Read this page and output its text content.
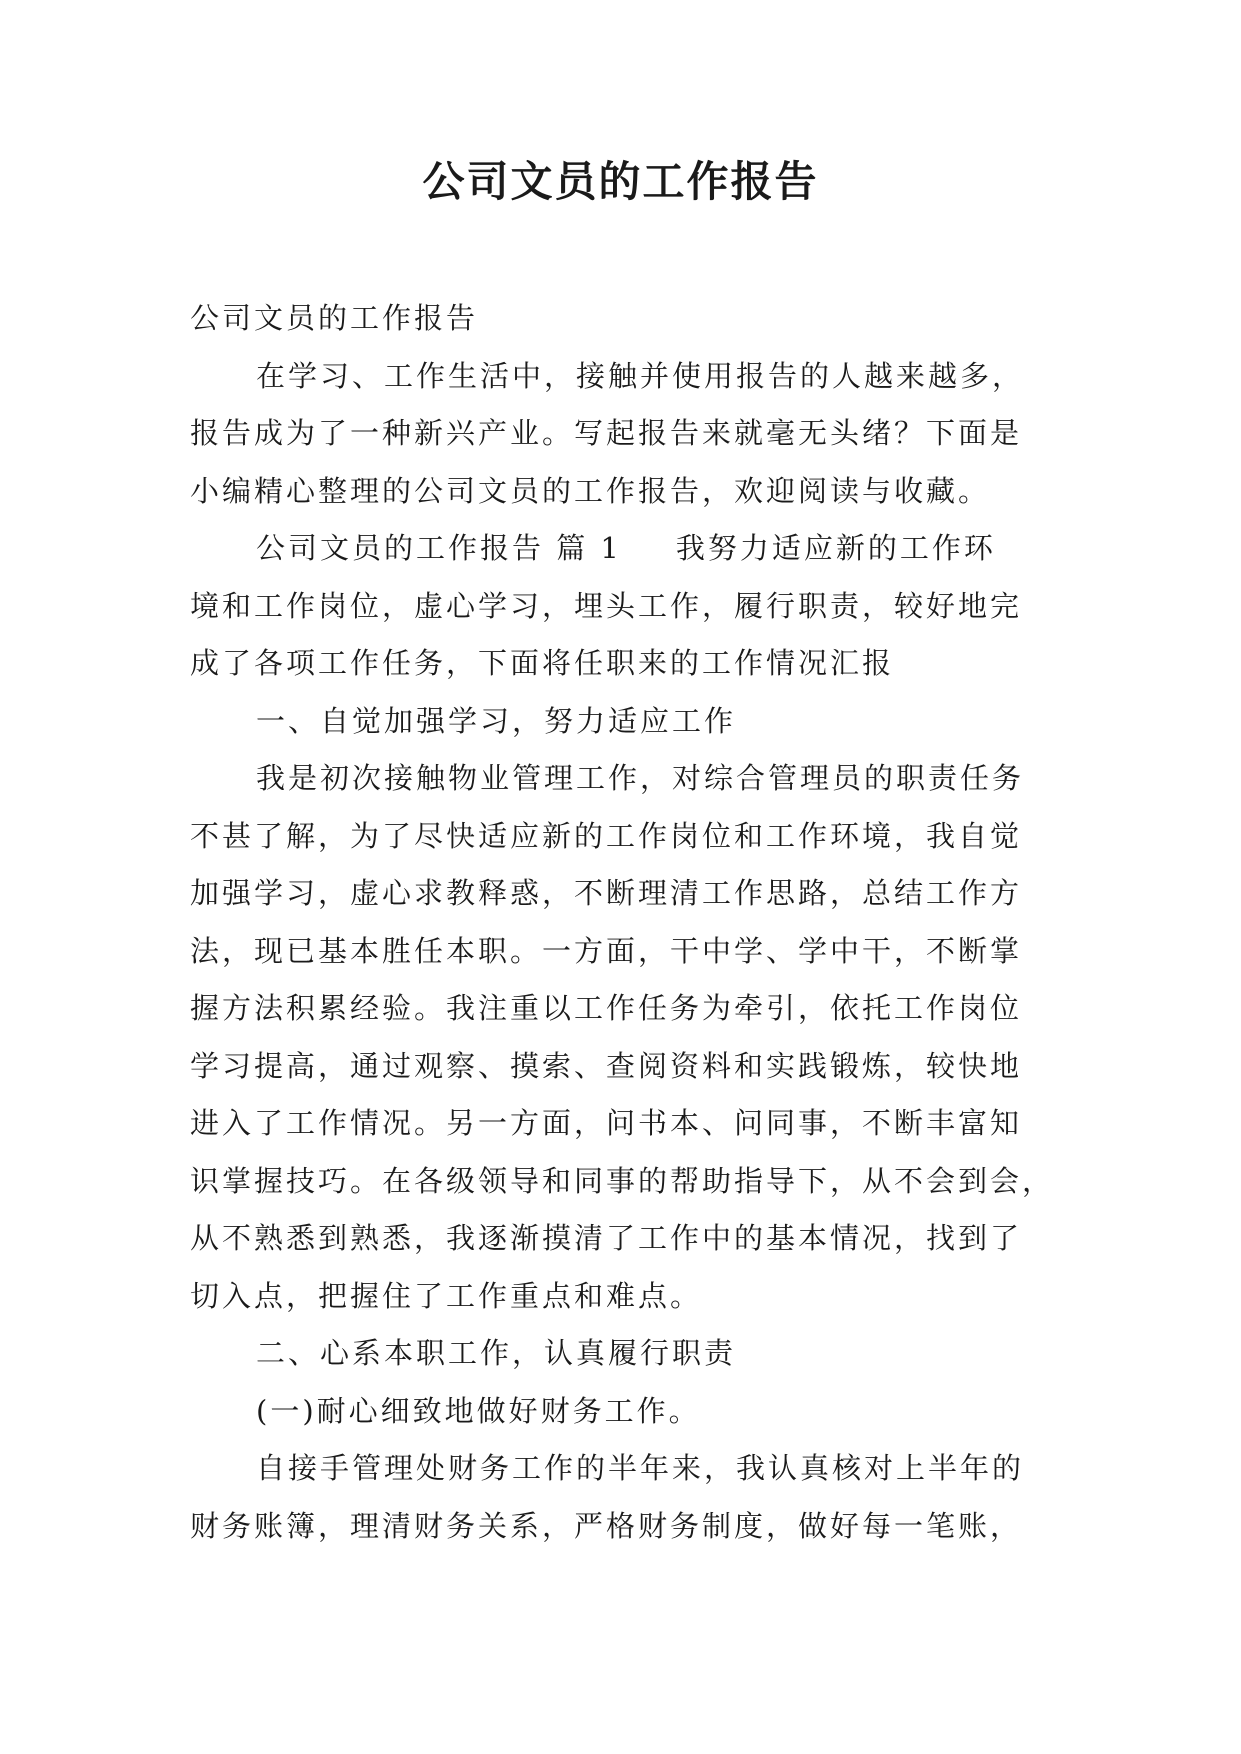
公司文员的工作报告
公司文员的工作报告
在学习、工作生活中，接触并使用报告的人越来越多，
报告成为了一种新兴产业。写起报告来就毫无头绪？下面是
小编精心整理的公司文员的工作报告，欢迎阅读与收藏。
公司文员的工作报告 篇 1 我努力适应新的工作环
境和工作岗位，虚心学习，埋头工作，履行职责，较好地完
成了各项工作任务，下面将任职来的工作情况汇报
一、自觉加强学习，努力适应工作
我是初次接触物业管理工作，对综合管理员的职责任务
不甚了解，为了尽快适应新的工作岗位和工作环境，我自觉
加强学习，虚心求教释惑，不断理清工作思路，总结工作方
法，现已基本胜任本职。一方面，干中学、学中干，不断掌
握方法积累经验。我注重以工作任务为牵引，依托工作岗位
学习提高，通过观察、摸索、查阅资料和实践锻炼，较快地
进入了工作情况。另一方面，问书本、问同事，不断丰富知
识掌握技巧。在各级领导和同事的帮助指导下，从不会到会，
从不熟悉到熟悉，我逐渐摸清了工作中的基本情况，找到了
切入点，把握住了工作重点和难点。
二、心系本职工作，认真履行职责
(一)耐心细致地做好财务工作。
自接手管理处财务工作的半年来，我认真核对上半年的
财务账簿，理清财务关系，严格财务制度，做好每一笔账，
